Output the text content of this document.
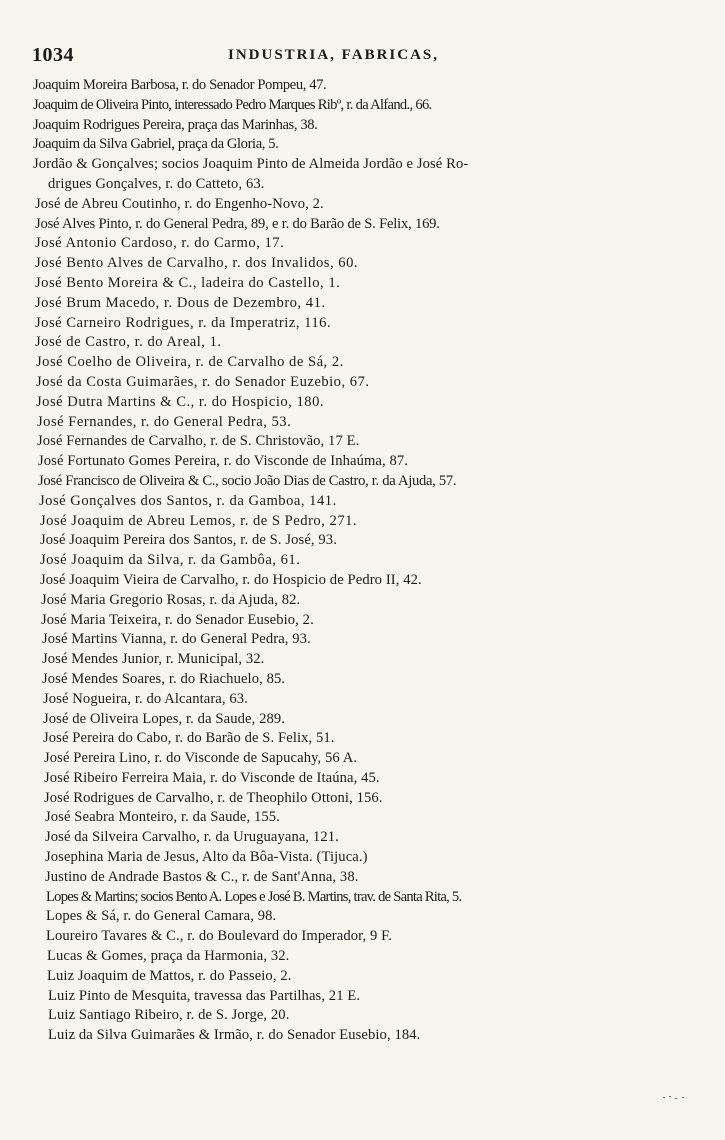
1034	INDUSTRIA, FABRICAS,
Joaquim Moreira Barbosa, r. do Senador Pompeu, 47.
Joaquim de Oliveira Pinto, interessado Pedro Marques Ribº, r. da Alfand., 66.
Joaquim Rodrigues Pereira, praça das Marinhas, 38.
Joaquim da Silva Gabriel, praça da Gloria, 5.
Jordão & Gonçalves; socios Joaquim Pinto de Almeida Jordão e José Ro-
drigues Gonçalves, r. do Catteto, 63.
José de Abreu Coutinho, r. do Engenho-Novo, 2.
José Alves Pinto, r. do General Pedra, 89, e r. do Barão de S. Felix, 169.
José Antonio Cardoso, r. do Carmo, 17.
José Bento Alves de Carvalho, r. dos Invalidos, 60.
José Bento Moreira & C., ladeira do Castello, 1.
José Brum Macedo, r. Dous de Dezembro, 41.
José Carneiro Rodrigues, r. da Imperatriz, 116.
José de Castro, r. do Areal, 1.
José Coelho de Oliveira, r. de Carvalho de Sá, 2.
José da Costa Guimarães, r. do Senador Euzebio, 67.
José Dutra Martins & C., r. do Hospicio, 180.
José Fernandes, r. do General Pedra, 53.
José Fernandes de Carvalho, r. de S. Christovão, 17 E.
José Fortunato Gomes Pereira, r. do Visconde de Inhaúma, 87.
José Francisco de Oliveira & C., socio João Dias de Castro, r. da Ajuda, 57.
José Gonçalves dos Santos, r. da Gamboa, 141.
José Joaquim de Abreu Lemos, r. de S Pedro, 271.
José Joaquim Pereira dos Santos, r. de S. José, 93.
José Joaquim da Silva, r. da Gambôa, 61.
José Joaquim Vieira de Carvalho, r. do Hospicio de Pedro II, 42.
José Maria Gregorio Rosas, r. da Ajuda, 82.
José Maria Teixeira, r. do Senador Eusebio, 2.
José Martins Vianna, r. do General Pedra, 93.
José Mendes Junior, r. Municipal, 32.
José Mendes Soares, r. do Riachuelo, 85.
José Nogueira, r. do Alcantara, 63.
José de Oliveira Lopes, r. da Saude, 289.
José Pereira do Cabo, r. do Barão de S. Felix, 51.
José Pereira Lino, r. do Visconde de Sapucahy, 56 A.
José Ribeiro Ferreira Maia, r. do Visconde de Itaúna, 45.
José Rodrigues de Carvalho, r. de Theophilo Ottoni, 156.
José Seabra Monteiro, r. da Saude, 155.
José da Silveira Carvalho, r. da Uruguayana, 121.
Josephina Maria de Jesus, Alto da Bôa-Vista. (Tijuca.)
Justino de Andrade Bastos & C., r. de Sant'Anna, 38.
Lopes & Martins; socios Bento A. Lopes e José B. Martins, trav. de Santa Rita, 5.
Lopes & Sá, r. do General Camara, 98.
Loureiro Tavares & C., r. do Boulevard do Imperador, 9 F.
Lucas & Gomes, praça da Harmonia, 32.
Luiz Joaquim de Mattos, r. do Passeio, 2.
Luiz Pinto de Mesquita, travessa das Partilhas, 21 E.
Luiz Santiago Ribeiro, r. de S. Jorge, 20.
Luiz da Silva Guimarães & Irmão, r. do Senador Eusebio, 184.
